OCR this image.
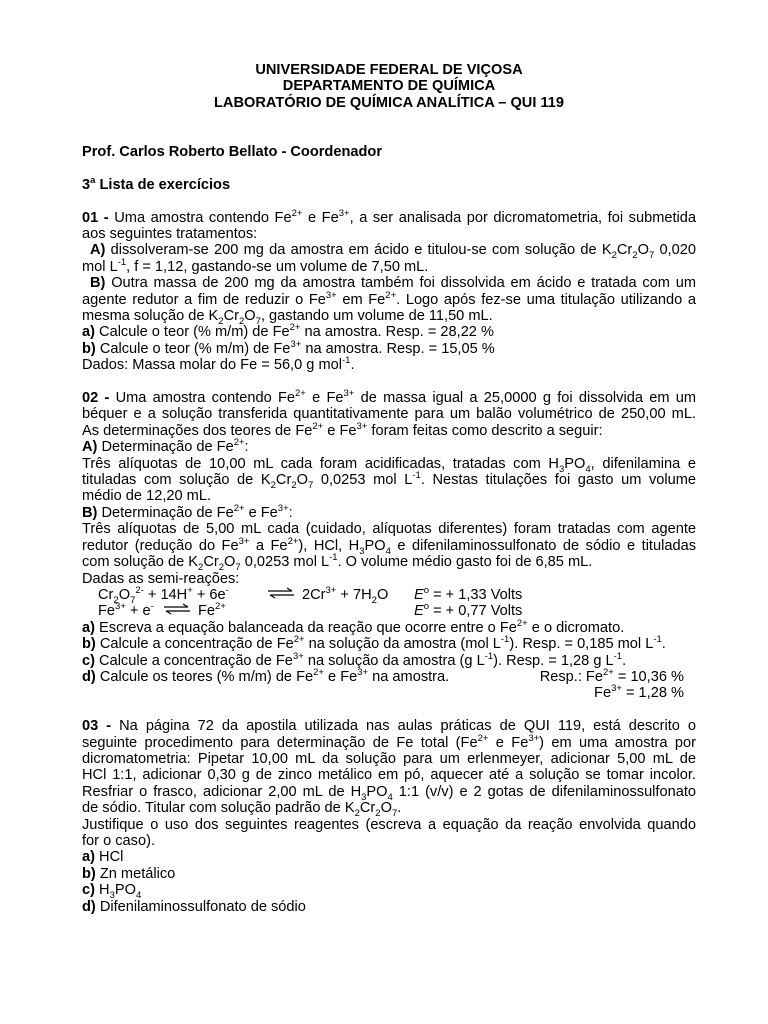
UNIVERSIDADE FEDERAL DE VIÇOSA
DEPARTAMENTO DE QUÍMICA
LABORATÓRIO DE QUÍMICA ANALÍTICA – QUI 119
Prof. Carlos Roberto Bellato - Coordenador
3$^a$ Lista de exercícios
01 - Uma amostra contendo $Fe^{2+}$ e $Fe^{3+}$, a ser analisada por dicromatometria, foi submetida
aos seguintes tratamentos:
A) dissolveram-se 200 mg da amostra em ácido e titulou-se com solução de $K_2Cr_2O_7$ 0,020
mol $L^{-1}$, f = 1,12, gastando-se um volume de 7,50 mL.
B) Outra massa de 200 mg da amostra também foi dissolvida em ácido e tratada com um
agente redutor a fim de reduzir o $Fe^{3+}$ em $Fe^{2+}$. Logo após fez-se uma titulação utilizando a
mesma solução de $K_2Cr_2O_7$, gastando um volume de 11,50 mL.
a) Calcule o teor (% m/m) de $Fe^{2+}$ na amostra. Resp. = 28,22 %
b) Calcule o teor (% m/m) de $Fe^{3+}$ na amostra. Resp. = 15,05 %
Dados: Massa molar do Fe = 56,0 g mol$^{-1}$.
02 - Uma amostra contendo $Fe^{2+}$ e $Fe^{3+}$ de massa igual a 25,0000 g foi dissolvida em um
béquer e a solução transferida quantitativamente para um balão volumétrico de 250,00 mL.
As determinações dos teores de $Fe^{2+}$ e $Fe^{3+}$ foram feitas como descrito a seguir:
A) Determinação de $Fe^{2+}$:
Três alíquotas de 10,00 mL cada foram acidificadas, tratadas com $H_3PO_4$, difenilamina e
tituladas com solução de $K_2Cr_2O_7$ 0,0253 mol $L^{-1}$. Nestas titulações foi gasto um volume
médio de 12,20 mL.
B) Determinação de $Fe^{2+}$ e $Fe^{3+}$:
Três alíquotas de 5,00 mL cada (cuidado, alíquotas diferentes) foram tratadas com agente
redutor (redução do $Fe^{3+}$ a $Fe^{2+}$), HCl, $H_3PO_4$ e difenilaminossulfonato de sódio e tituladas
com solução de $K_2Cr_2O_7$ 0,0253 mol $L^{-1}$. O volume médio gasto foi de 6,85 mL.
Dadas as semi-reações:
$Cr_2O_7^{2-} + 14H^+ + 6e^-$	⇌ $2Cr^{3+} + 7H_2O$	$E^o$ = + 1,33 Volts
$Fe^{3+} + e^-$ ⇌ $Fe^{2+}$	$E^o$ = + 0,77 Volts
a) Escreva a equação balanceada da reação que ocorre entre o $Fe^{2+}$ e o dicromato.
b) Calcule a concentração de $Fe^{2+}$ na solução da amostra (mol $L^{-1}$). Resp. = 0,185 mol $L^{-1}$.
c) Calcule a concentração de $Fe^{3+}$ na solução da amostra (g $L^{-1}$). Resp. = 1,28 g $L^{-1}$.
d) Calcule os teores (% m/m) de $Fe^{2+}$ e $Fe^{3+}$ na amostra.	Resp.: $Fe^{2+} = 10,36$ %
$Fe^{3+} = 1,28$ %
03 - Na página 72 da apostila utilizada nas aulas práticas de QUI 119, está descrito o
seguinte procedimento para determinação de Fe total ($Fe^{2+}$ e $Fe^{3+}$) em uma amostra por
dicromatometria: Pipetar 10,00 mL da solução para um erlenmeyer, adicionar 5,00 mL de
HCl 1:1, adicionar 0,30 g de zinco metálico em pó, aquecer até a solução se tomar incolor.
Resfriar o frasco, adicionar 2,00 mL de $H_3PO_4$ 1:1 (v/v) e 2 gotas de difenilaminossulfonato
de sódio. Titular com solução padrão de $K_2Cr_2O_7$.
Justifique o uso dos seguintes reagentes (escreva a equação da reação envolvida quando
for o caso).
a) HCl
b) Zn metálico
c) $H_3PO_4$
d) Difenilaminossulfonato de sódio
